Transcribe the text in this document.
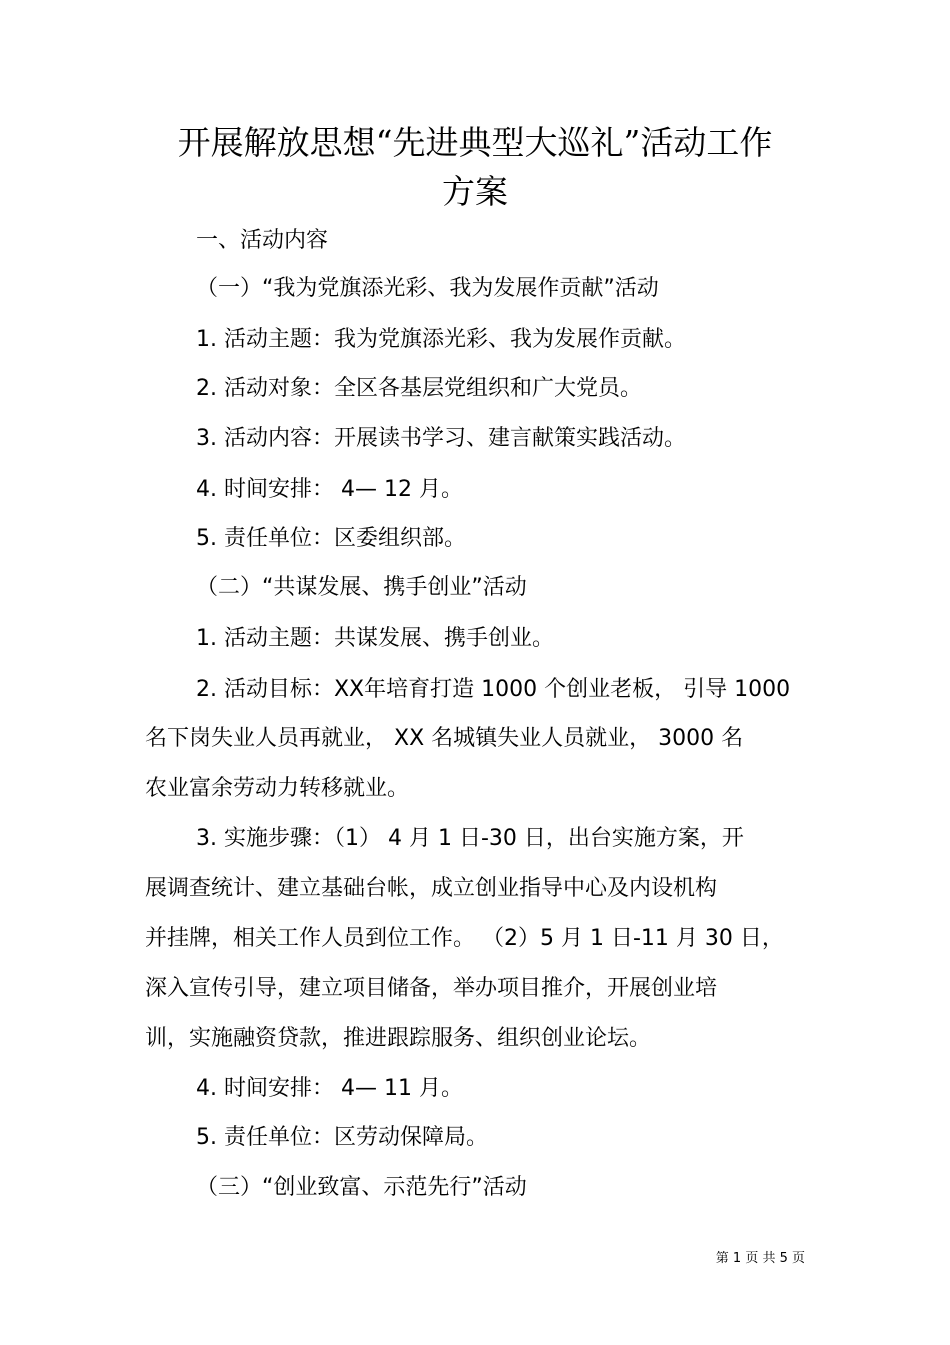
开展解放思想“先进典型大巡礼”活动工作
方案
一、活动内容
（一）“我为党旗添光彩、我为发展作贡献”活动
1. 活动主题：我为党旗添光彩、我为发展作贡献。
2. 活动对象：全区各基层党组织和广大党员。
3. 活动内容：开展读书学习、建言献策实践活动。
4. 时间安排： 4— 12 月。
5. 责任单位：区委组织部。
（二）“共谋发展、携手创业”活动
1. 活动主题：共谋发展、携手创业。
2. 活动目标：XX年培育打造 1000 个创业老板， 引导 1000
名下岗失业人员再就业， XX 名城镇失业人员就业， 3000 名
农业富余劳动力转移就业。
3. 实施步骤：（1） 4 月 1 日-30 日，出台实施方案，开
展调查统计、建立基础台帐，成立创业指导中心及内设机构
并挂牌，相关工作人员到位工作。 （2）5 月 1 日-11 月 30 日，
深入宣传引导，建立项目储备，举办项目推介，开展创业培
训，实施融资贷款，推进跟踪服务、组织创业论坛。
4. 时间安排： 4— 11 月。
5. 责任单位：区劳动保障局。
（三）“创业致富、示范先行”活动
第 1 页 共 5 页
